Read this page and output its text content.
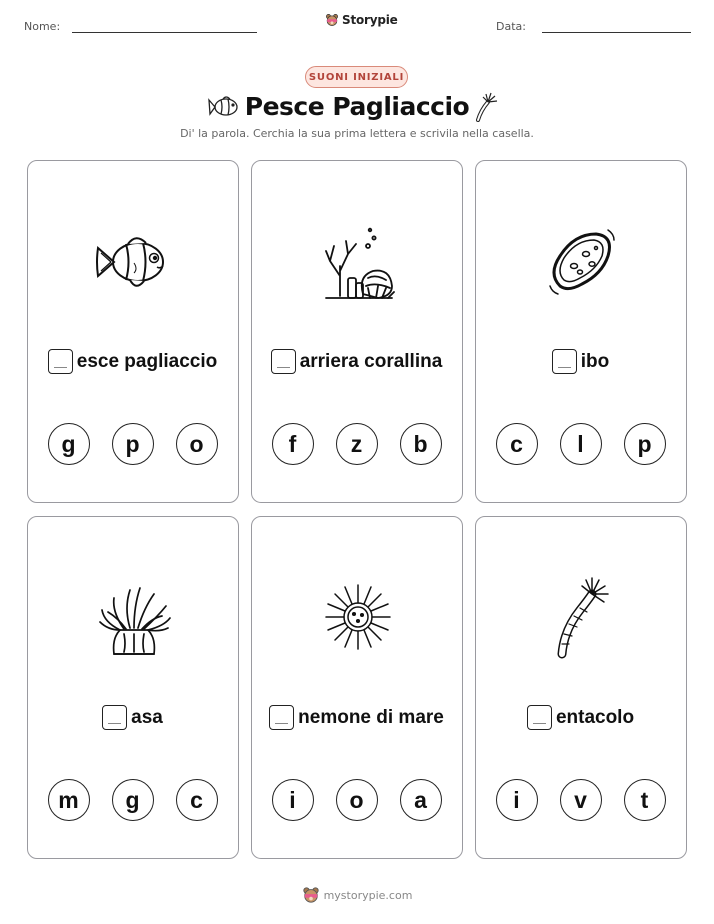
Nome:	Storypie	Data:
SUONI INIZIALI
Pesce Pagliaccio
Di' la parola. Cerchia la sua prima lettera e scrivila nella casella.
esce pagliaccio
g	p	o
arriera corallina
f	z	b
ibo
c	l	p
asa
m	g	c
nemone di mare
i	o	a
entacolo
i	v	t
mystorypie.com
